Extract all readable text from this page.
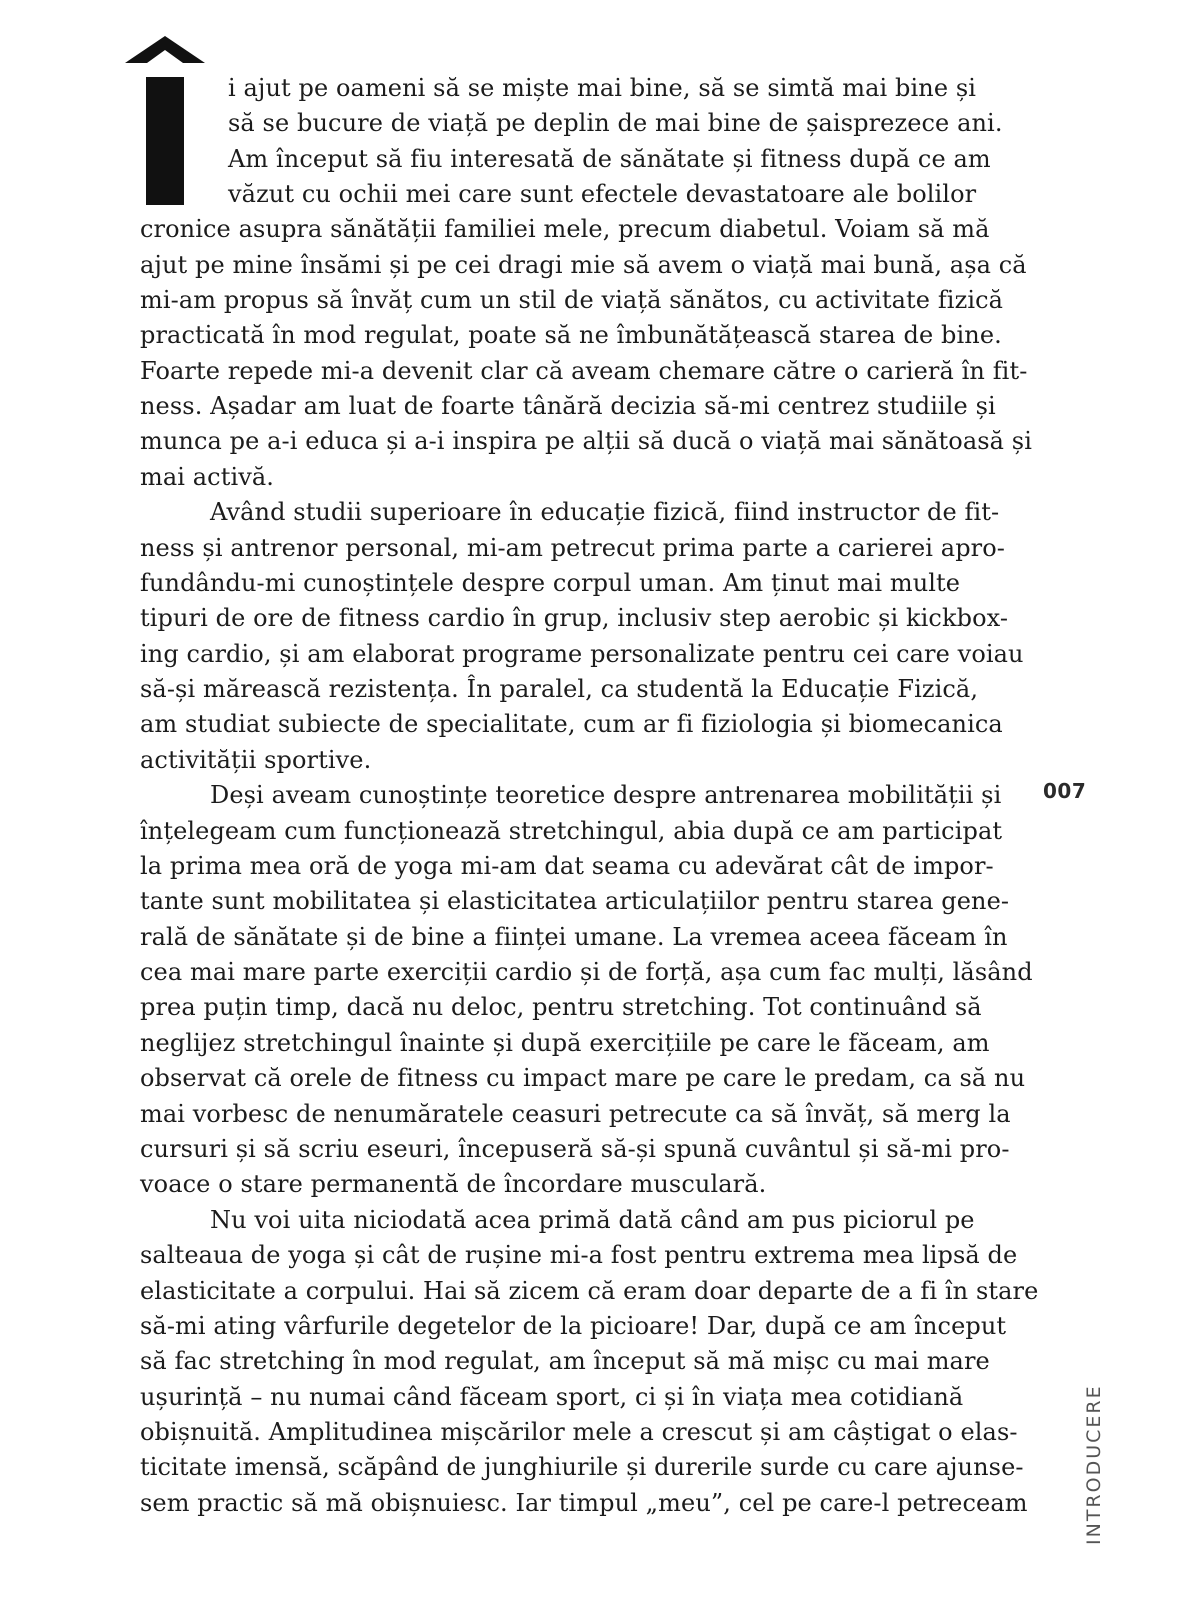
i ajut pe oameni să se miște mai bine, să se simtă mai bine și

să se bucure de viață pe deplin de mai bine de șaisprezece ani.

Am început să fiu interesată de sănătate și fitness după ce am

văzut cu ochii mei care sunt efectele devastatoare ale bolilor

cronice asupra sănătății familiei mele, precum diabetul. Voiam să mă

ajut pe mine însămi și pe cei dragi mie să avem o viață mai bună, așa că

mi-am propus să învăț cum un stil de viață sănătos, cu activitate fizică

practicată în mod regulat, poate să ne îmbunătățească starea de bine.

Foarte repede mi-a devenit clar că aveam chemare către o carieră în fit-

ness. Așadar am luat de foarte tânără decizia să-mi centrez studiile și

munca pe a-i educa și a-i inspira pe alții să ducă o viață mai sănătoasă și

mai activă.

Având studii superioare în educație fizică, fiind instructor de fit-

ness și antrenor personal, mi-am petrecut prima parte a carierei apro-

fundându-mi cunoștințele despre corpul uman. Am ținut mai multe

tipuri de ore de fitness cardio în grup, inclusiv step aerobic și kickbox-

ing cardio, și am elaborat programe personalizate pentru cei care voiau

să-și mărească rezistența. În paralel, ca studentă la Educație Fizică,

am studiat subiecte de specialitate, cum ar fi fiziologia și biomecanica

activității sportive.

Deși aveam cunoștințe teoretice despre antrenarea mobilității și

înțelegeam cum funcționează stretchingul, abia după ce am participat

la prima mea oră de yoga mi-am dat seama cu adevărat cât de impor-

tante sunt mobilitatea și elasticitatea articulațiilor pentru starea gene-

rală de sănătate și de bine a ființei umane. La vremea aceea făceam în

cea mai mare parte exerciții cardio și de forță, așa cum fac mulți, lăsând

prea puțin timp, dacă nu deloc, pentru stretching. Tot continuând să

neglijez stretchingul înainte și după exercițiile pe care le făceam, am

observat că orele de fitness cu impact mare pe care le predam, ca să nu

mai vorbesc de nenumăratele ceasuri petrecute ca să învăț, să merg la

cursuri și să scriu eseuri, începuseră să-și spună cuvântul și să-mi pro-

voace o stare permanentă de încordare musculară.

Nu voi uita niciodată acea primă dată când am pus piciorul pe

salteaua de yoga și cât de rușine mi-a fost pentru extrema mea lipsă de

elasticitate a corpului. Hai să zicem că eram doar departe de a fi în stare

să-mi ating vârfurile degetelor de la picioare! Dar, după ce am început

să fac stretching în mod regulat, am început să mă mișc cu mai mare

ușurință – nu numai când făceam sport, ci și în viața mea cotidiană

obișnuită. Amplitudinea mișcărilor mele a crescut și am câștigat o elas-

ticitate imensă, scăpând de junghiurile și durerile surde cu care ajunse-

sem practic să mă obișnuiesc. Iar timpul „meu”, cel pe care-l petreceam

007
INTRODUCERE
